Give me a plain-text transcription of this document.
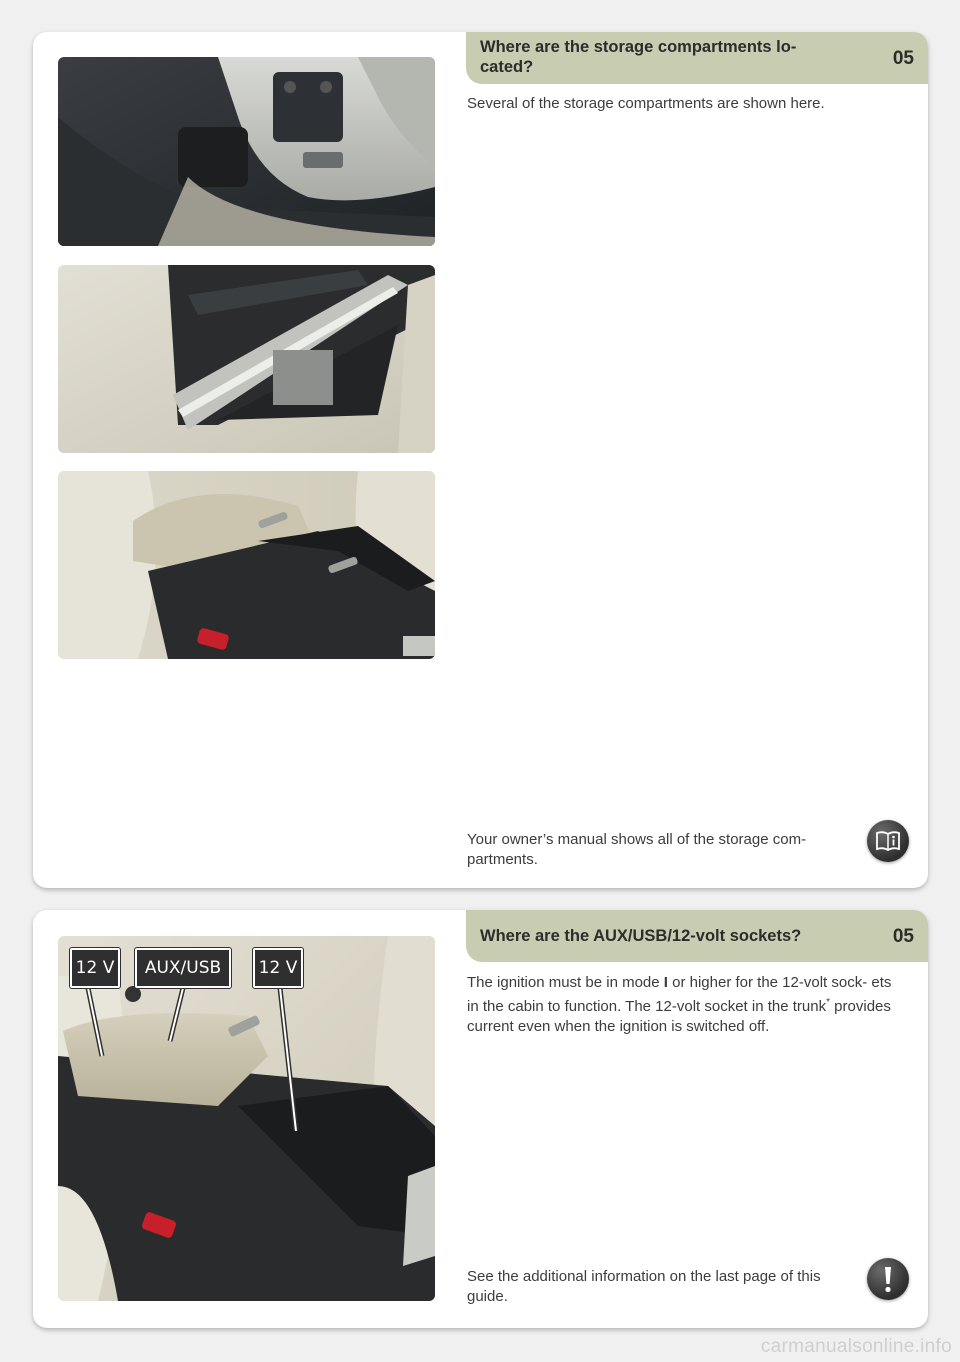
Where are the storage compartments lo- cated?	05
Several of the storage compartments are shown here.
Your owner’s manual shows all of the storage com- partments.
Where are the AUX/USB/12-volt sockets?	05
The ignition must be in mode I or higher for the 12-volt sock- ets in the cabin to function. The 12-volt socket in the trunk* provides current even when the ignition is switched off.
12 V	AUX/USB	12 V
See the additional information on the last page of this guide.
carmanualsonline.info
